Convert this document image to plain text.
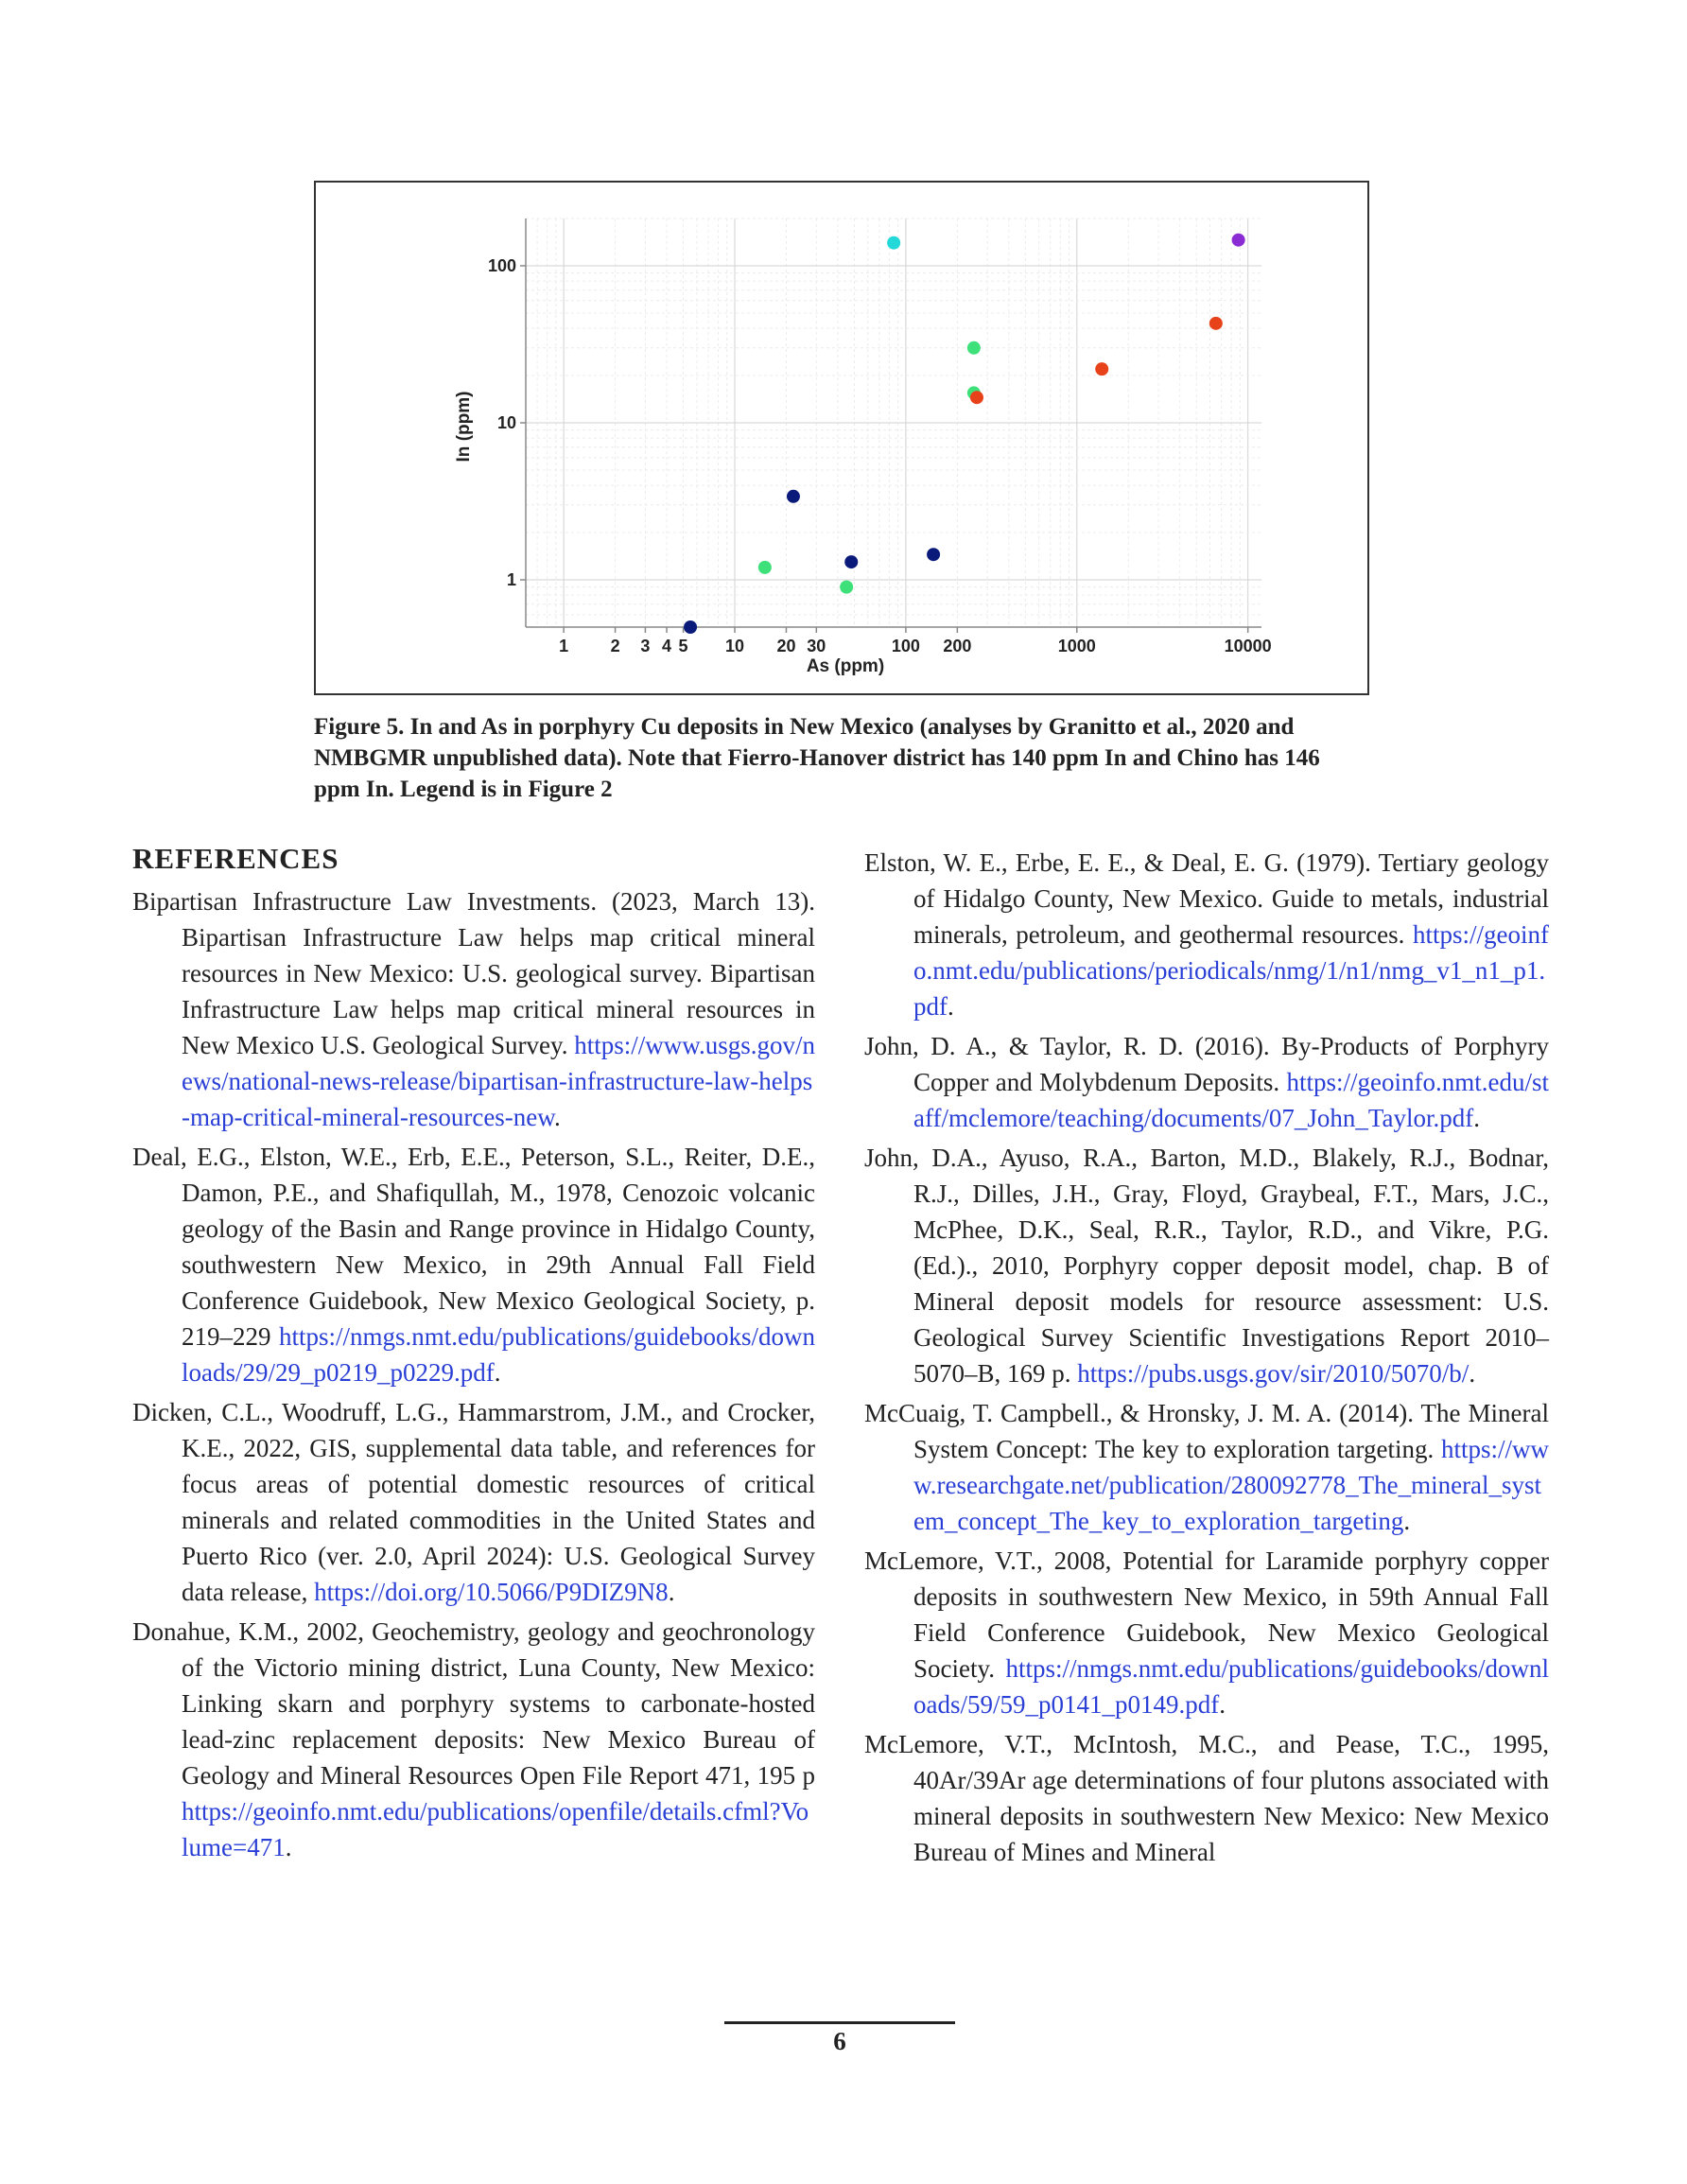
1 2 3 4 5 10 20 30	100 200	1000	10000
1
10
100
As (ppm)
In (ppm)

Figure 5. In and As in porphyry Cu deposits in New Mexico (analyses by Granitto et al., 2020 and NMBGMR unpublished data). Note that Fierro-Hanover district has 140 ppm In and Chino has 146 ppm In. Legend is in Figure 2

REFERENCES

Bipartisan Infrastructure Law Investments. (2023, March 13). Bipartisan Infrastructure Law helps map critical mineral resources in New Mexico: U.S. geological survey. Bipartisan Infrastructure Law helps map critical mineral resources in New Mexico U.S. Geological Survey. https://www.usgs.gov/news/national-news-release/bipartisan-infrastructure-law-helps-map-critical-mineral-resources-new.

Deal, E.G., Elston, W.E., Erb, E.E., Peterson, S.L., Reiter, D.E., Damon, P.E., and Shafiqullah, M., 1978, Cenozoic volcanic geology of the Basin and Range province in Hidalgo County, southwestern New Mexico, in 29th Annual Fall Field Conference Guidebook, New Mexico Geological Society, p. 219–229 https://nmgs.nmt.edu/publications/guidebooks/downloads/29/29_p0219_p0229.pdf.

Dicken, C.L., Woodruff, L.G., Hammarstrom, J.M., and Crocker, K.E., 2022, GIS, supplemental data table, and references for focus areas of potential domestic resources of critical minerals and related commodities in the United States and Puerto Rico (ver. 2.0, April 2024): U.S. Geological Survey data release, https://doi.org/10.5066/P9DIZ9N8.

Donahue, K.M., 2002, Geochemistry, geology and geochronology of the Victorio mining district, Luna County, New Mexico: Linking skarn and porphyry systems to carbonate-hosted lead-zinc replacement deposits: New Mexico Bureau of Geology and Mineral Resources Open File Report 471, 195 p https://geoinfo.nmt.edu/publications/openfile/details.cfml?Volume=471.

Elston, W. E., Erbe, E. E., & Deal, E. G. (1979). Tertiary geology of Hidalgo County, New Mexico. Guide to metals, industrial minerals, petroleum, and geothermal resources. https://geoinfo.nmt.edu/publications/periodicals/nmg/1/n1/nmg_v1_n1_p1.pdf.

John, D. A., & Taylor, R. D. (2016). By-Products of Porphyry Copper and Molybdenum Deposits. https://geoinfo.nmt.edu/staff/mclemore/teaching/documents/07_John_Taylor.pdf.

John, D.A., Ayuso, R.A., Barton, M.D., Blakely, R.J., Bodnar, R.J., Dilles, J.H., Gray, Floyd, Graybeal, F.T., Mars, J.C., McPhee, D.K., Seal, R.R., Taylor, R.D., and Vikre, P.G. (Ed.)., 2010, Porphyry copper deposit model, chap. B of Mineral deposit models for resource assessment: U.S. Geological Survey Scientific Investigations Report 2010–5070–B, 169 p. https://pubs.usgs.gov/sir/2010/5070/b/.

McCuaig, T. Campbell., & Hronsky, J. M. A. (2014). The Mineral System Concept: The key to exploration targeting. https://www.researchgate.net/publication/280092778_The_mineral_system_concept_The_key_to_exploration_targeting.

McLemore, V.T., 2008, Potential for Laramide porphyry copper deposits in southwestern New Mexico, in 59th Annual Fall Field Conference Guidebook, New Mexico Geological Society. https://nmgs.nmt.edu/publications/guidebooks/downloads/59/59_p0141_p0149.pdf.

McLemore, V.T., McIntosh, M.C., and Pease, T.C., 1995, 40Ar/39Ar age determinations of four plutons associated with mineral deposits in southwestern New Mexico: New Mexico Bureau of Mines and Mineral

6
